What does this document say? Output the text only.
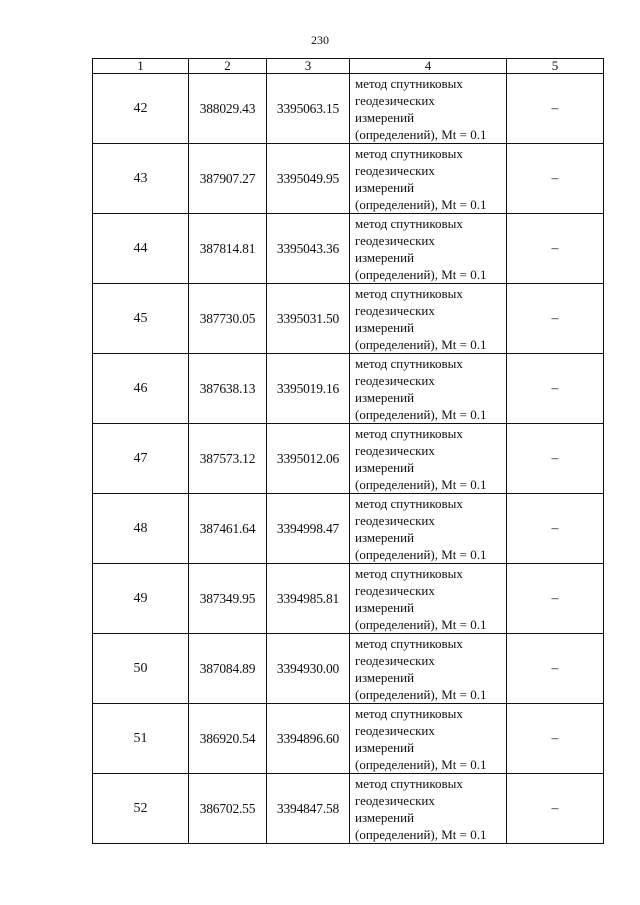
230
1	2	3	4	5
42	388029.43	3395063.15	метод спутниковых
геодезических
измерений
(определений), Mt = 0.1	–
43	387907.27	3395049.95	метод спутниковых
геодезических
измерений
(определений), Mt = 0.1	–
44	387814.81	3395043.36	метод спутниковых
геодезических
измерений
(определений), Mt = 0.1	–
45	387730.05	3395031.50	метод спутниковых
геодезических
измерений
(определений), Mt = 0.1	–
46	387638.13	3395019.16	метод спутниковых
геодезических
измерений
(определений), Mt = 0.1	–
47	387573.12	3395012.06	метод спутниковых
геодезических
измерений
(определений), Mt = 0.1	–
48	387461.64	3394998.47	метод спутниковых
геодезических
измерений
(определений), Mt = 0.1	–
49	387349.95	3394985.81	метод спутниковых
геодезических
измерений
(определений), Mt = 0.1	–
50	387084.89	3394930.00	метод спутниковых
геодезических
измерений
(определений), Mt = 0.1	–
51	386920.54	3394896.60	метод спутниковых
геодезических
измерений
(определений), Mt = 0.1	–
52	386702.55	3394847.58	метод спутниковых
геодезических
измерений
(определений), Mt = 0.1	–
